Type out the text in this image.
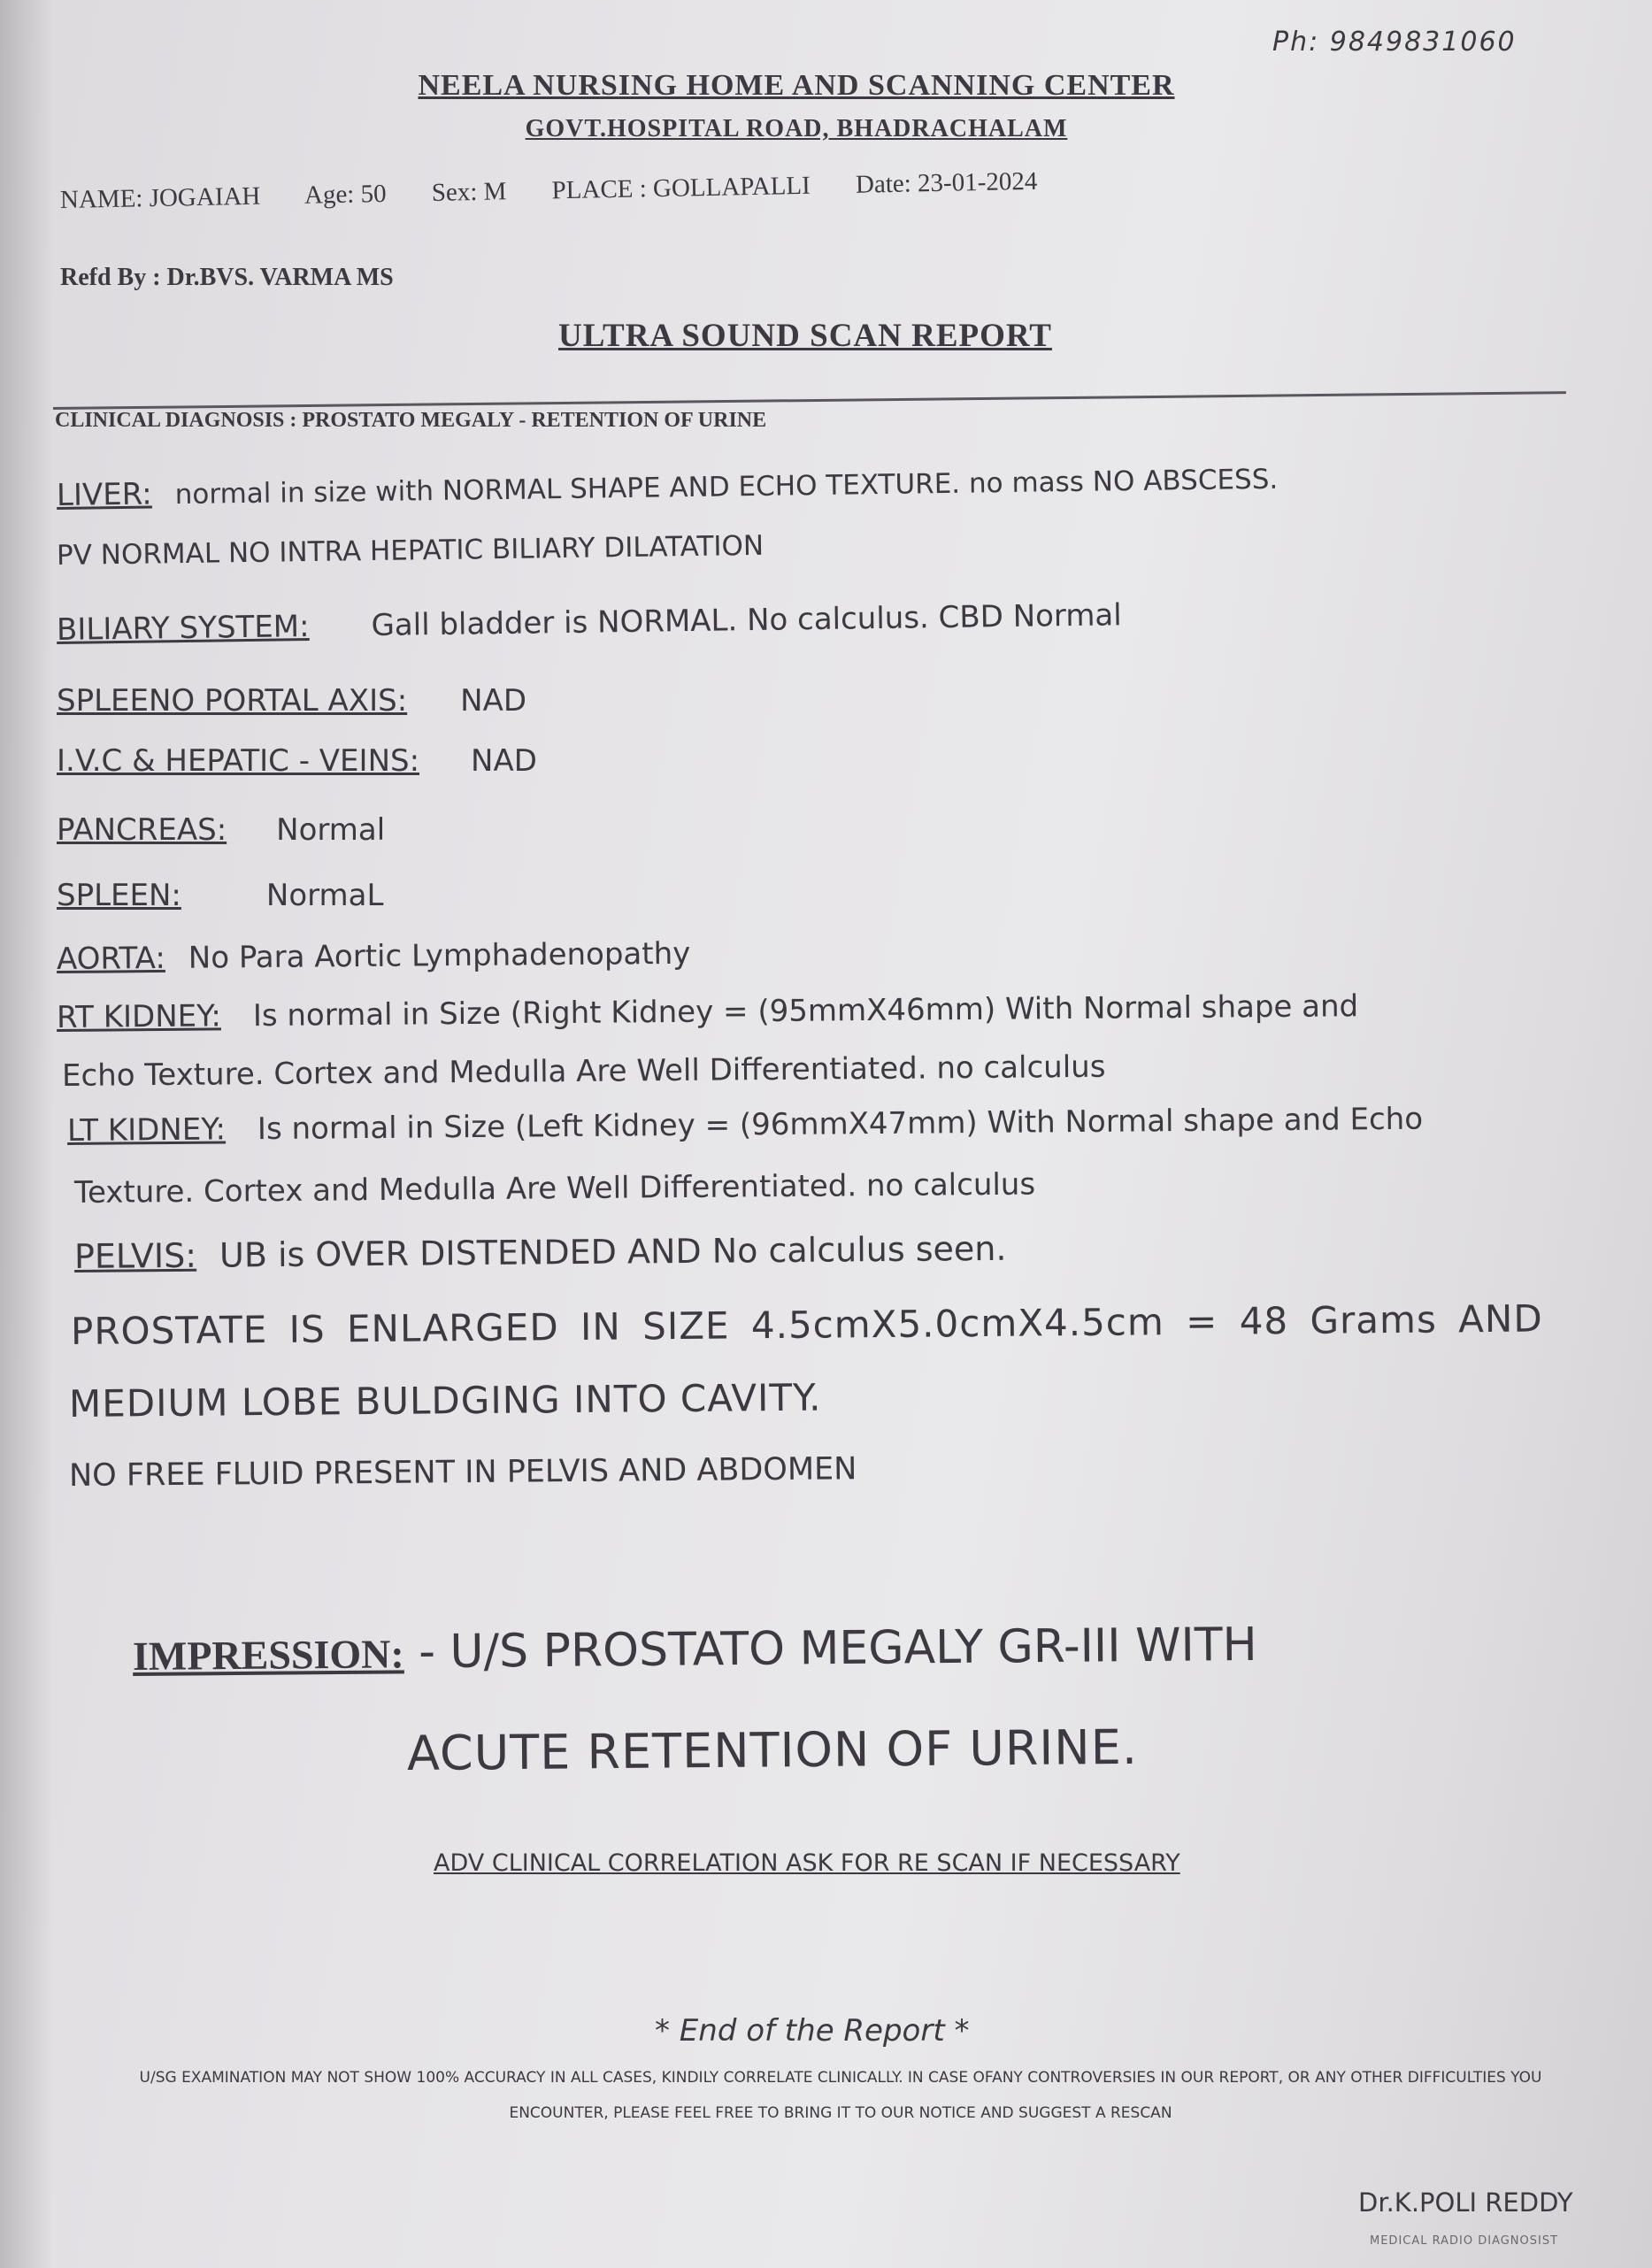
Ph: 9849831060
NEELA NURSING HOME AND SCANNING CENTER
GOVT.HOSPITAL ROAD, BHADRACHALAM
NAME: JOGAIAH Age: 50 Sex: M PLACE : GOLLAPALLI Date: 23-01-2024
Refd By : Dr.BVS. VARMA MS
ULTRA SOUND SCAN REPORT
CLINICAL DIAGNOSIS : PROSTATO MEGALY - RETENTION OF URINE
LIVER: normal in size with NORMAL SHAPE AND ECHO TEXTURE. no mass NO ABSCESS.
PV NORMAL NO INTRA HEPATIC BILIARY DILATATION
BILIARY SYSTEM: Gall bladder is NORMAL. No calculus. CBD Normal
SPLEENO PORTAL AXIS: NAD
I.V.C & HEPATIC - VEINS: NAD
PANCREAS: Normal
SPLEEN:	NormaL
AORTA: No Para Aortic Lymphadenopathy
RT KIDNEY: Is normal in Size (Right Kidney = (95mmX46mm) With Normal shape and
Echo Texture. Cortex and Medulla Are Well Differentiated. no calculus
LT KIDNEY: Is normal in Size (Left Kidney = (96mmX47mm) With Normal shape and Echo
Texture. Cortex and Medulla Are Well Differentiated. no calculus
PELVIS: UB is OVER DISTENDED AND No calculus seen.
PROSTATE IS ENLARGED IN SIZE 4.5cmX5.0cmX4.5cm = 48 Grams AND
MEDIUM LOBE BULDGING INTO CAVITY.
NO FREE FLUID PRESENT IN PELVIS AND ABDOMEN
IMPRESSION: - U/S PROSTATO MEGALY GR-III WITH
ACUTE RETENTION OF URINE.
ADV CLINICAL CORRELATION ASK FOR RE SCAN IF NECESSARY
* End of the Report *
U/SG EXAMINATION MAY NOT SHOW 100% ACCURACY IN ALL CASES, KINDILY CORRELATE CLINICALLY. IN CASE OFANY CONTROVERSIES IN OUR REPORT, OR ANY OTHER DIFFICULTIES YOU ENCOUNTER, PLEASE FEEL FREE TO BRING IT TO OUR NOTICE AND SUGGEST A RESCAN
Dr.K.POLI REDDY
MEDICAL RADIO DIAGNOSIST
